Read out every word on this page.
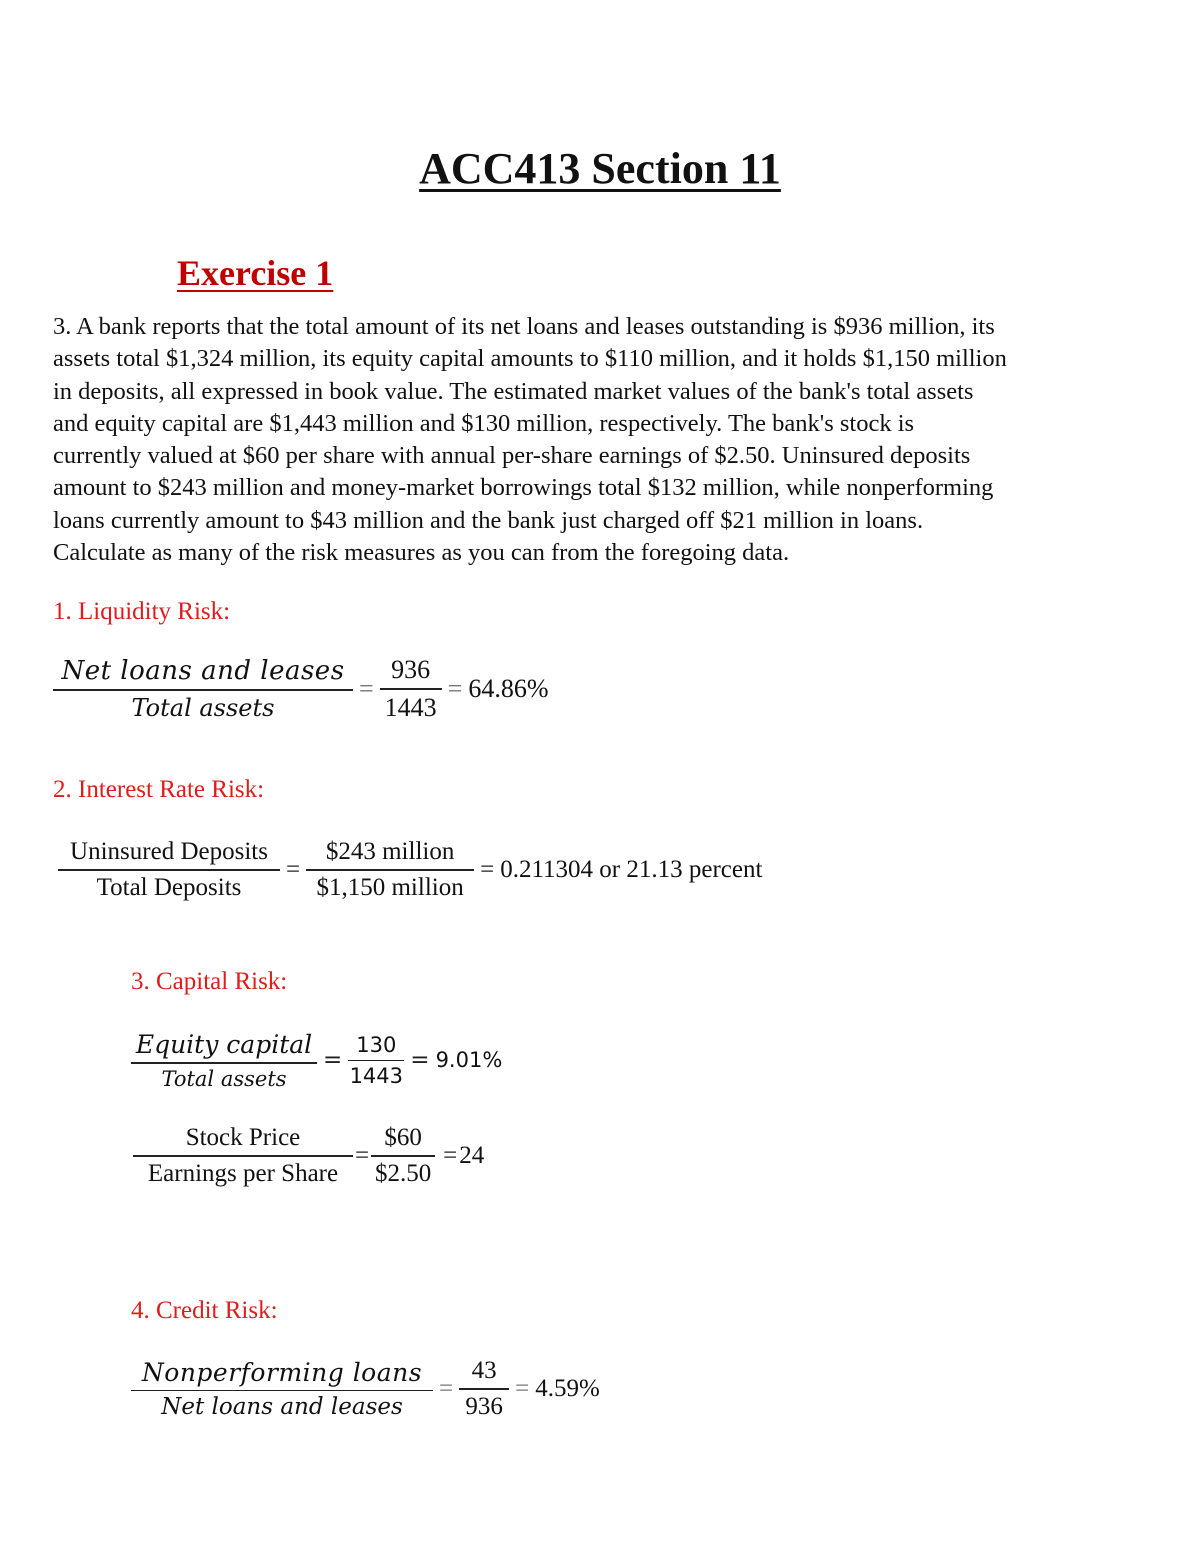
ACC413 Section 11
Exercise 1

3. A bank reports that the total amount of its net loans and leases outstanding is $936 million, its
assets total $1,324 million, its equity capital amounts to $110 million, and it holds $1,150 million
in deposits, all expressed in book value. The estimated market values of the bank's total assets
and equity capital are $1,443 million and $130 million, respectively. The bank's stock is
currently valued at $60 per share with annual per-share earnings of $2.50. Uninsured deposits
amount to $243 million and money-market borrowings total $132 million, while nonperforming
loans currently amount to $43 million and the bank just charged off $21 million in loans.
Calculate as many of the risk measures as you can from the foregoing data.

1. Liquidity Risk:

$\frac{\text{Net loans and leases}}{\text{Total assets}} = \frac{936}{1443} = 64.86\%$

2. Interest Rate Risk:

$\frac{\text{Uninsured Deposits}}{\text{Total Deposits}} = \frac{\text{\$243 million}}{\text{\$1,150 million}} = 0.211304$ or 21.13 percent

3. Capital Risk:

$\frac{\text{Equity capital}}{\text{Total assets}} = \frac{130}{1443} = 9.01\%$
$\frac{\text{Stock Price}}{\text{Earnings per Share}} = \frac{\$60}{\$2.50} = 24$

4. Credit Risk:

$\frac{\text{Nonperforming loans}}{\text{Net loans and leases}} = \frac{43}{936} = 4.59\%$
